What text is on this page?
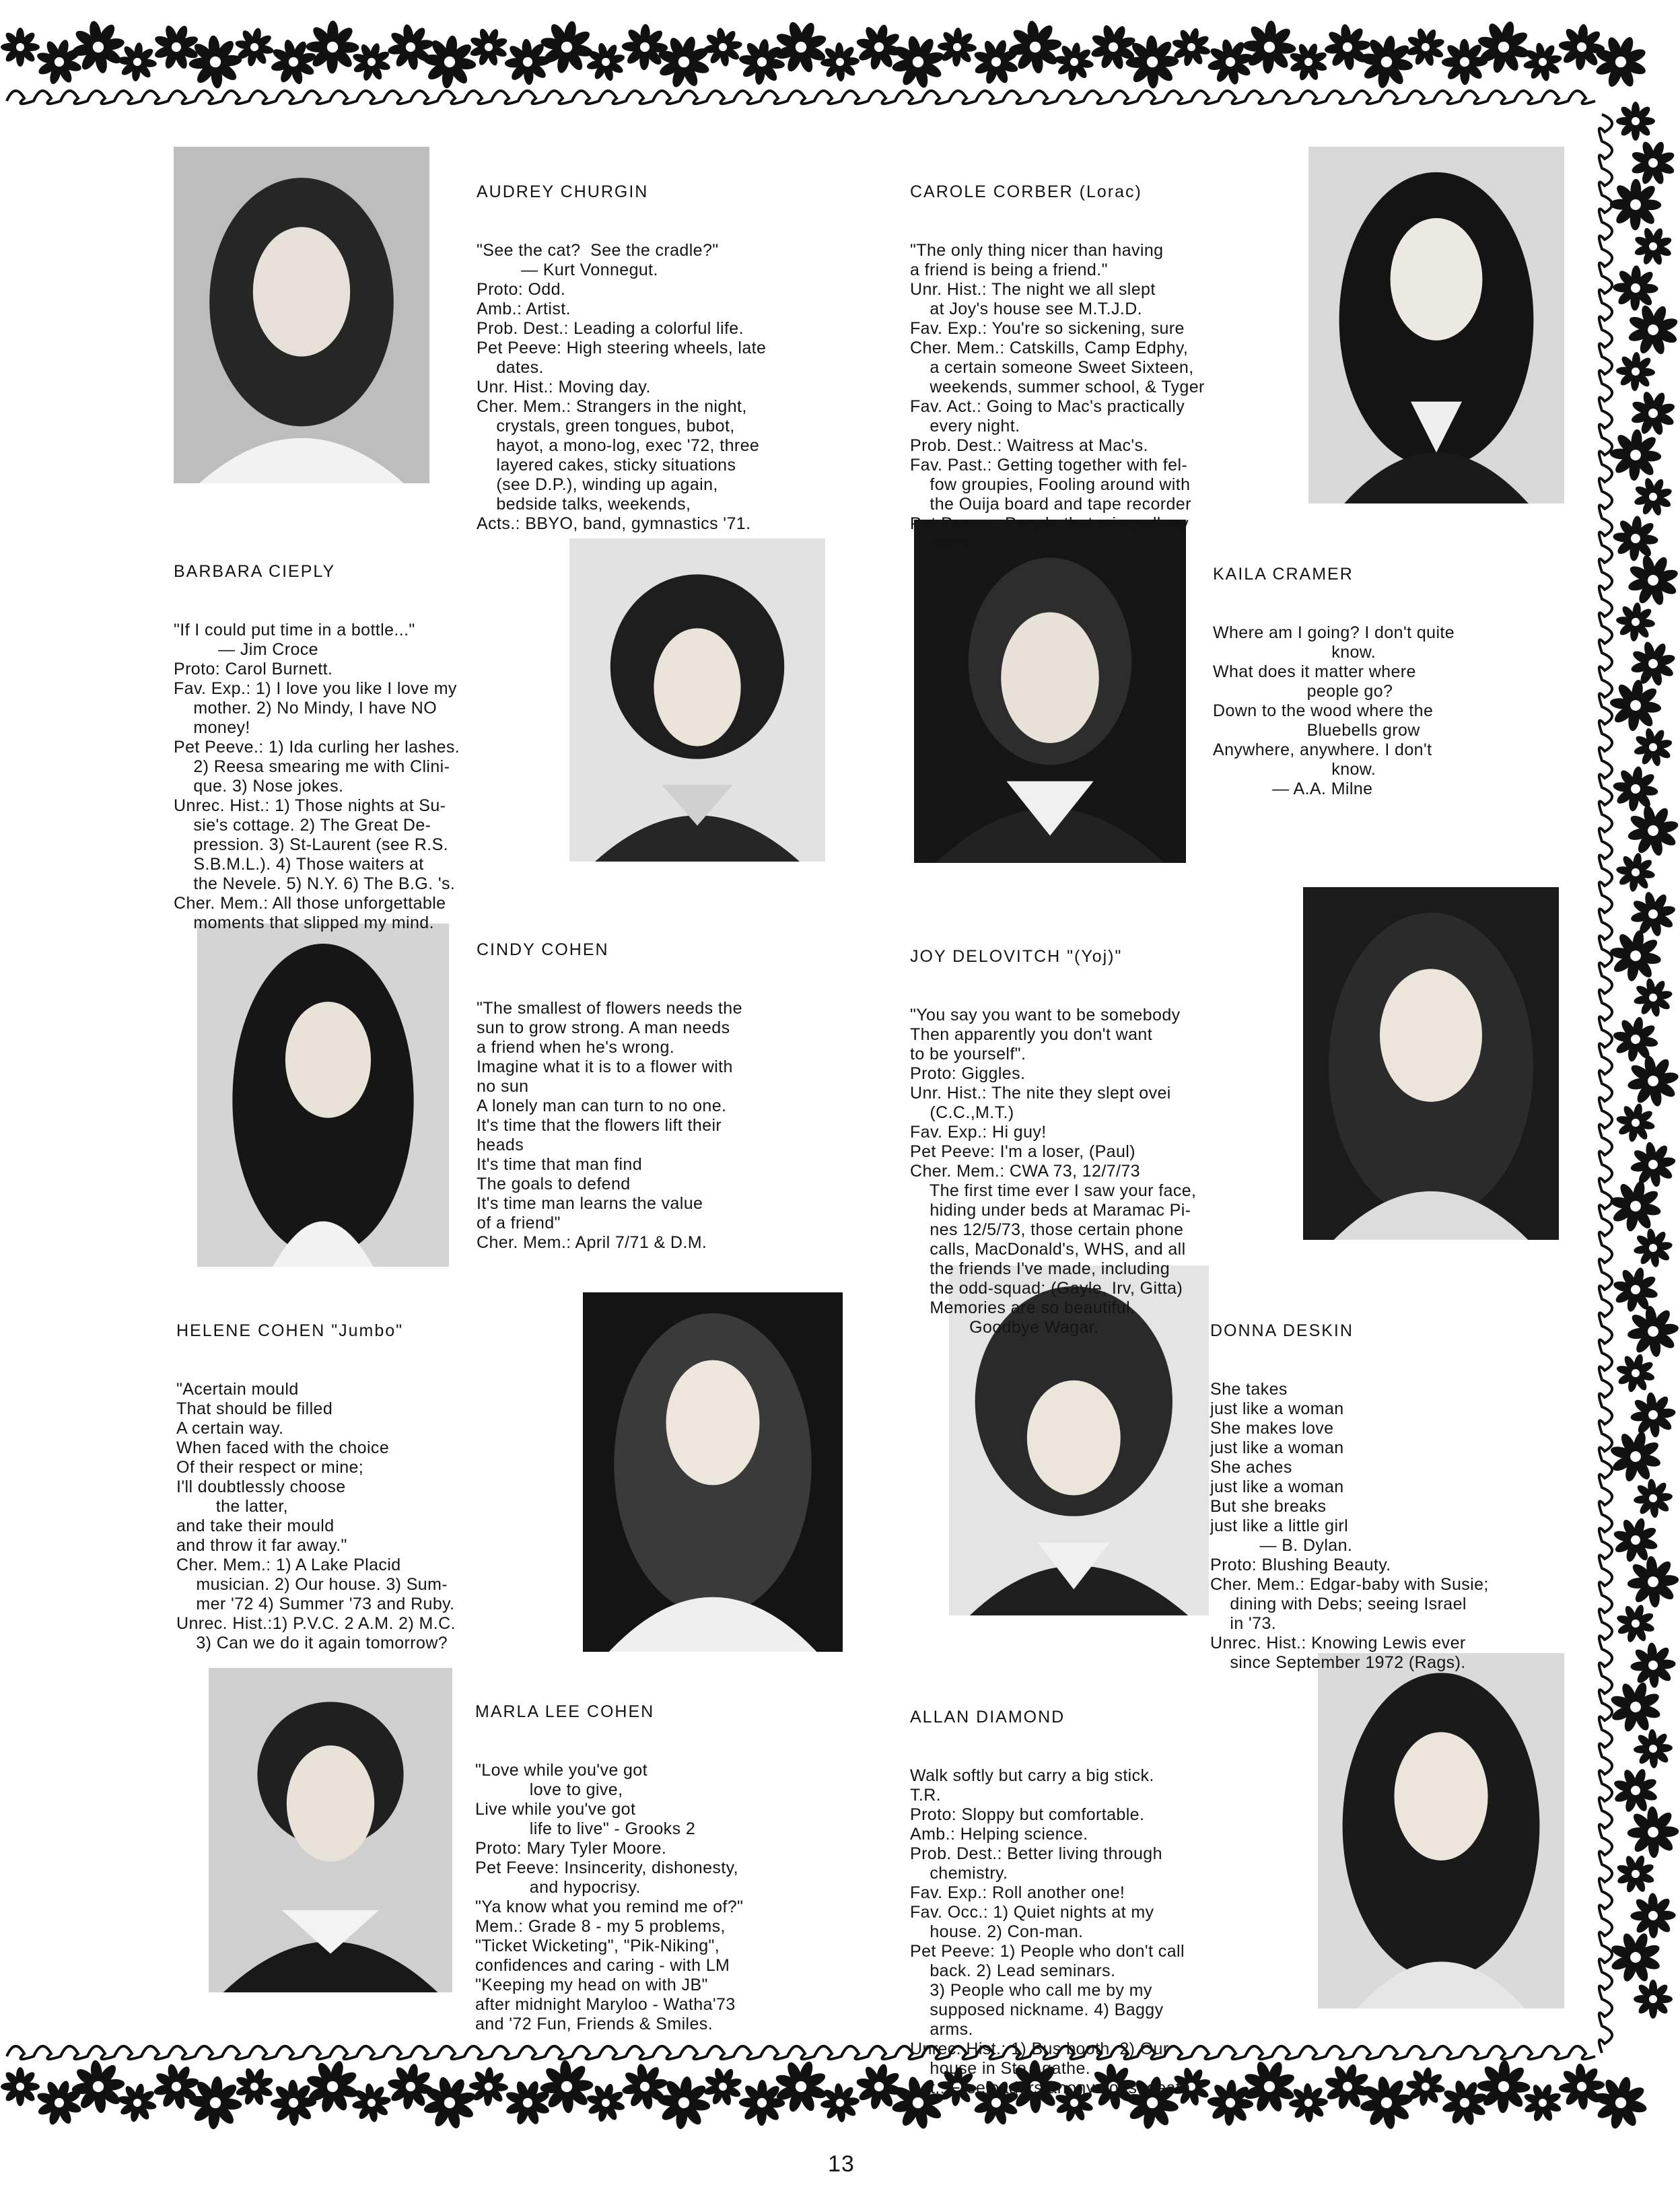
AUDREY CHURGIN

"See the cat?  See the cradle?"
— Kurt Vonnegut.
Proto: Odd.
Amb.: Artist.
Prob. Dest.: Leading a colorful life.
Pet Peeve: High steering wheels, late
dates.
Unr. Hist.: Moving day.
Cher. Mem.: Strangers in the night,
crystals, green tongues, bubot,
hayot, a mono-log, exec '72, three
layered cakes, sticky situations
(see D.P.), winding up again,
bedside talks, weekends,
Acts.: BBYO, band, gymnastics '71.

CAROLE CORBER (Lorac)

"The only thing nicer than having
a friend is being a friend."
Unr. Hist.: The night we all slept
at Joy's house see M.T.J.D.
Fav. Exp.: You're so sickening, sure
Cher. Mem.: Catskills, Camp Edphy,
a certain someone Sweet Sixteen,
weekends, summer school, & Tyger
Fav. Act.: Going to Mac's practically
every night.
Prob. Dest.: Waitress at Mac's.
Fav. Past.: Getting together with fel-
fow groupies, Fooling around with
the Ouija board and tape recorder
Pet Peeve.: People that misspell my
name.

BARBARA CIEPLY

"If I could put time in a bottle..."
— Jim Croce
Proto: Carol Burnett.
Fav. Exp.: 1) I love you like I love my
mother. 2) No Mindy, I have NO
money!
Pet Peeve.: 1) Ida curling her lashes.
2) Reesa smearing me with Clini-
que. 3) Nose jokes.
Unrec. Hist.: 1) Those nights at Su-
sie's cottage. 2) The Great De-
pression. 3) St-Laurent (see R.S.
S.B.M.L.). 4) Those waiters at
the Nevele. 5) N.Y. 6) The B.G. 's.
Cher. Mem.: All those unforgettable
moments that slipped my mind.

KAILA CRAMER

Where am I going? I don't quite
know.
What does it matter where
people go?
Down to the wood where the
Bluebells grow
Anywhere, anywhere. I don't
know.
— A.A. Milne

CINDY COHEN

"The smallest of flowers needs the
sun to grow strong. A man needs
a friend when he's wrong.
Imagine what it is to a flower with
no sun
A lonely man can turn to no one.
It's time that the flowers lift their
heads
It's time that man find
The goals to defend
It's time man learns the value
of a friend"
Cher. Mem.: April 7/71 & D.M.

JOY DELOVITCH "(Yoj)"

"You say you want to be somebody
Then apparently you don't want
to be yourself".
Proto: Giggles.
Unr. Hist.: The nite they slept ovei
(C.C.,M.T.)
Fav. Exp.: Hi guy!
Pet Peeve: I'm a loser, (Paul)
Cher. Mem.: CWA 73, 12/7/73
The first time ever I saw your face,
hiding under beds at Maramac Pi-
nes 12/5/73, those certain phone
calls, MacDonald's, WHS, and all
the friends I've made, including
the odd-squad: (Gayle, Irv, Gitta)
Memories are so beautiful.
Goodbye Wagar.

HELENE COHEN "Jumbo"

"Acertain mould
That should be filled
A certain way.
When faced with the choice
Of their respect or mine;
I'll doubtlessly choose
the latter,
and take their mould
and throw it far away."
Cher. Mem.: 1) A Lake Placid
musician. 2) Our house. 3) Sum-
mer '72 4) Summer '73 and Ruby.
Unrec. Hist.:1) P.V.C. 2 A.M. 2) M.C.
3) Can we do it again tomorrow?

DONNA DESKIN

She takes
just like a woman
She makes love
just like a woman
She aches
just like a woman
But she breaks
just like a little girl
— B. Dylan.
Proto: Blushing Beauty.
Cher. Mem.: Edgar-baby with Susie;
dining with Debs; seeing Israel
in '73.
Unrec. Hist.: Knowing Lewis ever
since September 1972 (Rags).

MARLA LEE COHEN

"Love while you've got
love to give,
Live while you've got
life to live" - Grooks 2
Proto: Mary Tyler Moore.
Pet Feeve: Insincerity, dishonesty,
and hypocrisy.
"Ya know what you remind me of?"
Mem.: Grade 8 - my 5 problems,
"Ticket Wicketing", "Pik-Niking",
confidences and caring - with LM
"Keeping my head on with JB"
after midnight Maryloo - Watha'73
and '72 Fun, Friends & Smiles.

ALLAN DIAMOND

Walk softly but carry a big stick.
T.R.
Proto: Sloppy but comfortable.
Amb.: Helping science.
Prob. Dest.: Better living through
chemistry.
Fav. Exp.: Roll another one!
Fav. Occ.: 1) Quiet nights at my
house. 2) Con-man.
Pet Peeve: 1) People who don't call
back. 2) Lead seminars.
3) People who call me by my
supposed nickname. 4) Baggy
arms.
Unrec. Hist.: 1) Bus booth. 2) Our
house in Ste Agathe.
Act.: Freeloaders anonymous, death

13
